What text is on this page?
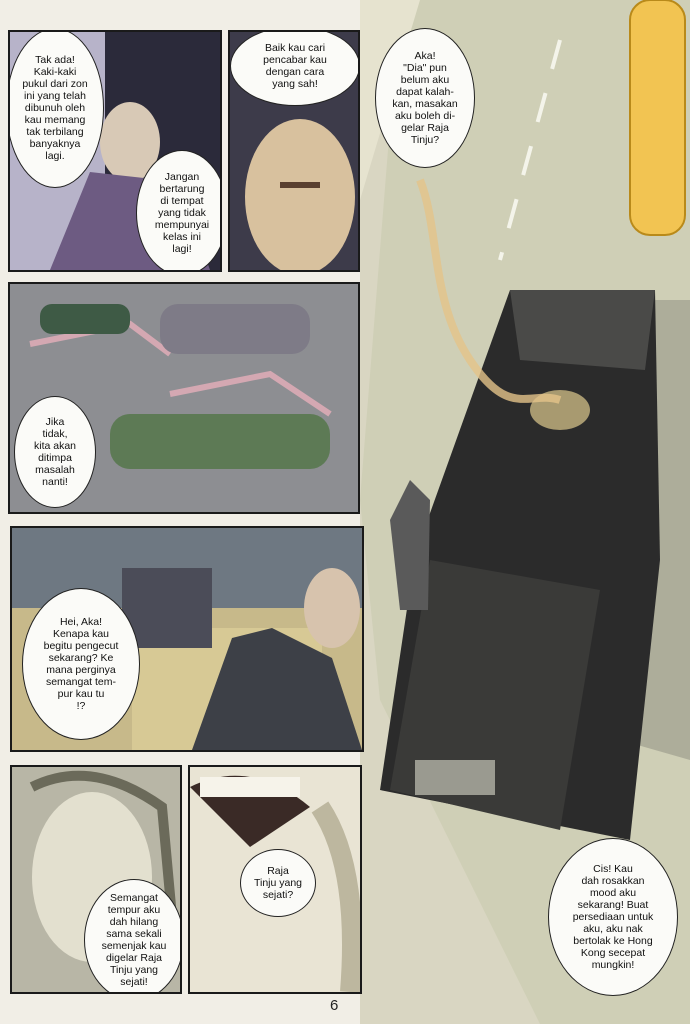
Aka!
"Dia" pun
belum aku
dapat kalah-
kan, masakan
aku boleh di-
gelar Raja
Tinju?
Cis! Kau
dah rosakkan
mood aku
sekarang! Buat
persediaan untuk
aku, aku nak
bertolak ke Hong
Kong secepat
mungkin!
Tak ada!
Kaki-kaki
pukul dari zon
ini yang telah
dibunuh oleh
kau memang
tak terbilang
banyaknya
lagi.
Jangan
bertarung
di tempat
yang tidak
mempunyai
kelas ini
lagi!
Baik kau cari
pencabar kau
dengan cara
yang sah!
Jika
tidak,
kita akan
ditimpa
masalah
nanti!
Hei, Aka!
Kenapa kau
begitu pengecut
sekarang? Ke
mana perginya
semangat tem-
pur kau tu
!?
Semangat
tempur aku
dah hilang
sama sekali
semenjak kau
digelar Raja
Tinju yang
sejati!
Raja
Tinju yang
sejati?
6
